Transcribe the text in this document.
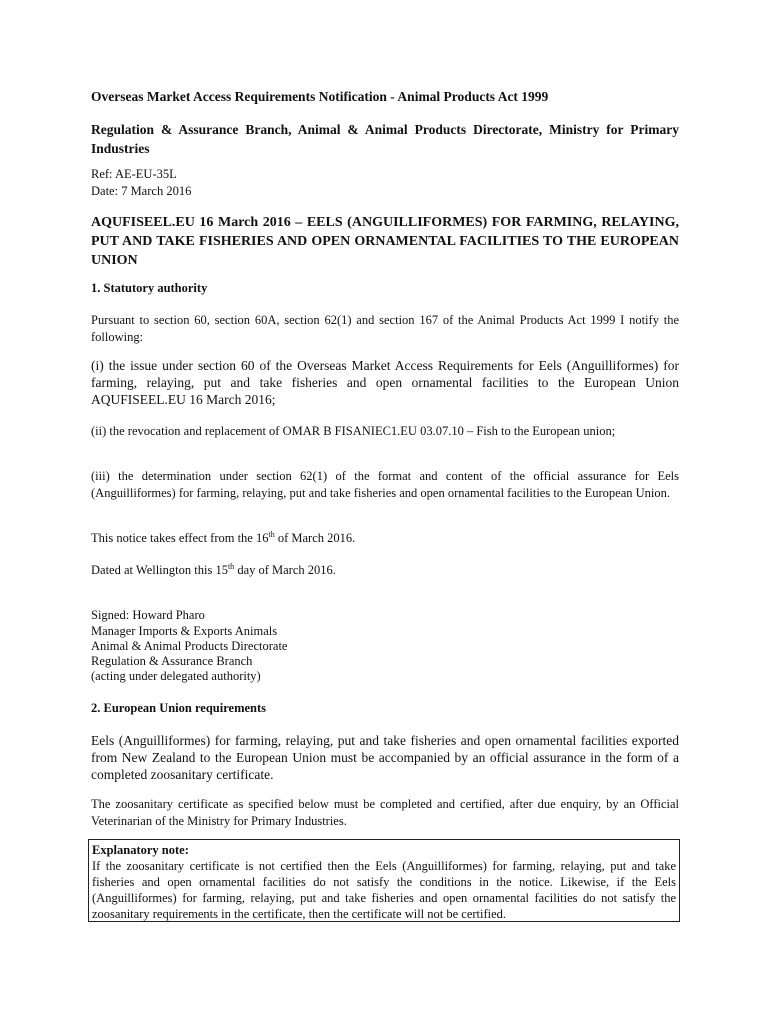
Overseas Market Access Requirements Notification - Animal Products Act 1999
Regulation & Assurance Branch, Animal & Animal Products Directorate, Ministry for Primary Industries
Ref: AE-EU-35L
Date: 7 March 2016
AQUFISEEL.EU 16 March 2016 – EELS (ANGUILLIFORMES) FOR FARMING, RELAYING, PUT AND TAKE FISHERIES AND OPEN ORNAMENTAL FACILITIES TO THE EUROPEAN UNION
1. Statutory authority
Pursuant to section 60, section 60A, section 62(1) and section 167 of the Animal Products Act 1999 I notify the following:
(i) the issue under section 60 of the Overseas Market Access Requirements for Eels (Anguilliformes) for farming, relaying, put and take fisheries and open ornamental facilities to the European Union AQUFISEEL.EU 16 March 2016;
(ii) the revocation and replacement of OMAR B FISANIEC1.EU 03.07.10 – Fish to the European union;
(iii) the determination under section 62(1) of the format and content of the official assurance for Eels (Anguilliformes) for farming, relaying, put and take fisheries and open ornamental facilities to the European Union.
This notice takes effect from the 16th of March 2016.
Dated at Wellington this 15th day of March 2016.
Signed: Howard Pharo
Manager Imports & Exports Animals
Animal & Animal Products Directorate
Regulation & Assurance Branch
(acting under delegated authority)
2. European Union requirements
Eels (Anguilliformes) for farming, relaying, put and take fisheries and open ornamental facilities exported from New Zealand to the European Union must be accompanied by an official assurance in the form of a completed zoosanitary certificate.
The zoosanitary certificate as specified below must be completed and certified, after due enquiry, by an Official Veterinarian of the Ministry for Primary Industries.
Explanatory note:
If the zoosanitary certificate is not certified then the Eels (Anguilliformes) for farming, relaying, put and take fisheries and open ornamental facilities do not satisfy the conditions in the notice. Likewise, if the Eels (Anguilliformes) for farming, relaying, put and take fisheries and open ornamental facilities do not satisfy the zoosanitary requirements in the certificate, then the certificate will not be certified.
